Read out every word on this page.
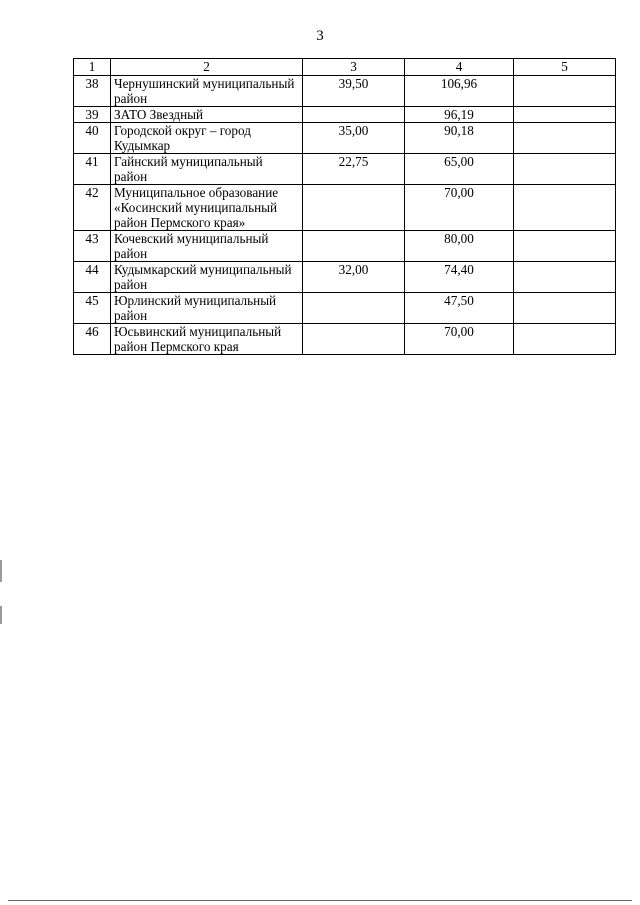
3
1	2	3	4	5
38	Чернушинский муниципальный район	39,50	106,96	
39	ЗАТО Звездный		96,19	
40	Городской округ – город Кудымкар	35,00	90,18	
41	Гайнский муниципальный район	22,75	65,00	
42	Муниципальное образование «Косинский муниципальный район Пермского края»		70,00	
43	Кочевский муниципальный район		80,00	
44	Кудымкарский муниципальный район	32,00	74,40	
45	Юрлинский муниципальный район		47,50	
46	Юсьвинский муниципальный район Пермского края		70,00	
